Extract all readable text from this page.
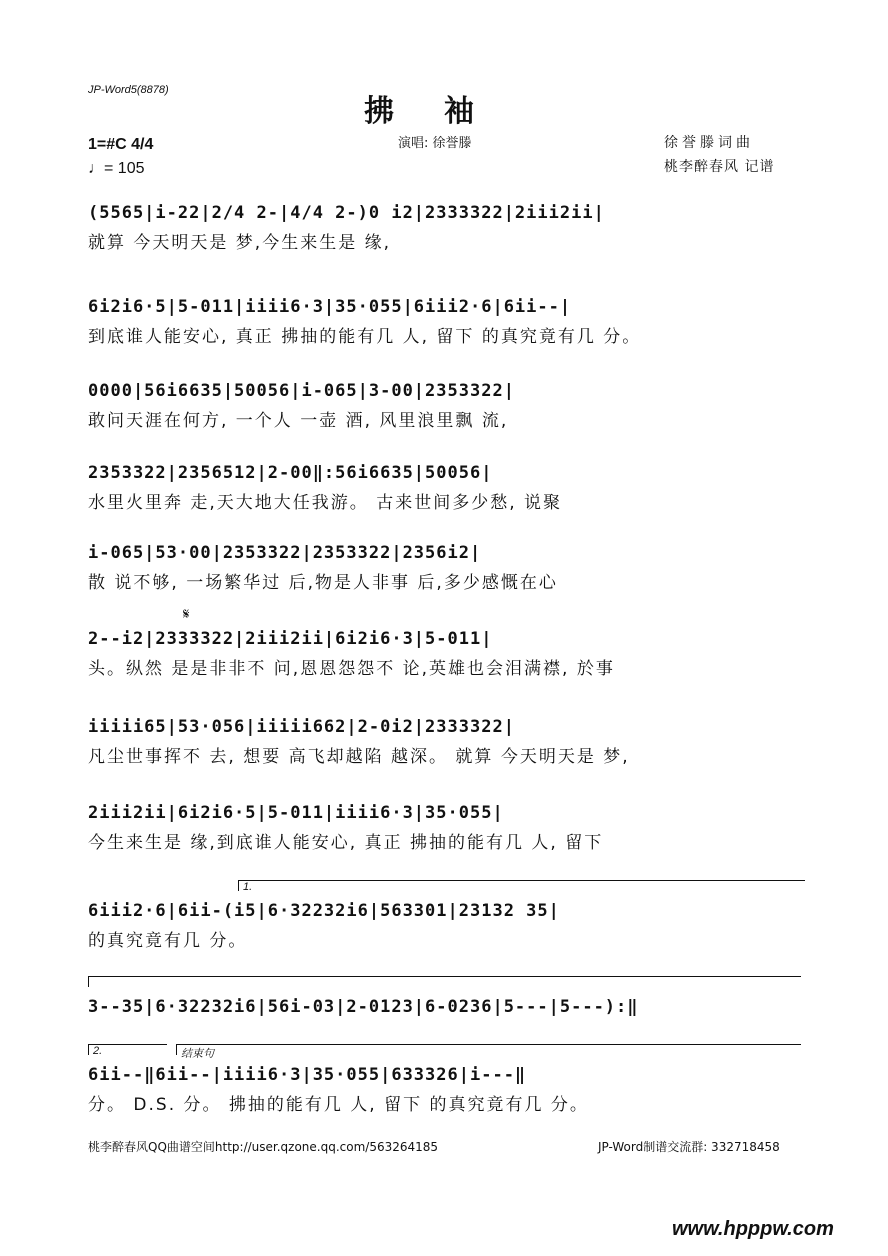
JP-Word5(8878)
拂袖
1=#C 4/4
♩= 105
演唱: 徐誉滕	徐誉滕词曲
桃李醉春风 记谱
𝄋
(5565|i-22|2/4 2-|4/4 2-)0 i2|2333322|2iii2ii|
就算 今天明天是 梦,今生来生是 缘,
6i2i6·5|5-011|iiii6·3|35·055|6iii2·6|6ii--|
到底谁人能安心, 真正 拂抽的能有几 人, 留下 的真究竟有几 分。
0000|56i6635|50056|i-065|3-00|2353322|
敢问天涯在何方, 一个人 一壶 酒, 风里浪里飘 流,
2353322|2356512|2-00‖:56i6635|50056|
水里火里奔 走,天大地大任我游。 古来世间多少愁, 说聚
i-065|53·00|2353322|2353322|2356i2|
散 说不够, 一场繁华过 后,物是人非事 后,多少感慨在心
2--i2|2333322|2iii2ii|6i2i6·3|5-011|
头。纵然 是是非非不 问,恩恩怨怨不 论,英雄也会泪满襟, 於事
iiiii65|53·056|iiiii662|2-0i2|2333322|
凡尘世事挥不 去, 想要 高飞却越陷 越深。 就算 今天明天是 梦,
2iii2ii|6i2i6·5|5-011|iiii6·3|35·055|
今生来生是 缘,到底谁人能安心, 真正 拂抽的能有几 人, 留下
1.
6iii2·6|6ii-(i5|6·32232i6|563301|23132 35|
的真究竟有几 分。
3--35|6·32232i6|56i-03|2-0123|6-0236|5---|5---):‖
2.	结束句
6ii--‖6ii--|iiii6·3|35·055|633326|i---‖
分。 D.S. 分。 拂抽的能有几 人, 留下 的真究竟有几 分。
桃李醉春风QQ曲谱空间http://user.qzone.qq.com/563264185	JP-Word制谱交流群: 332718458
www.hpppw.com
